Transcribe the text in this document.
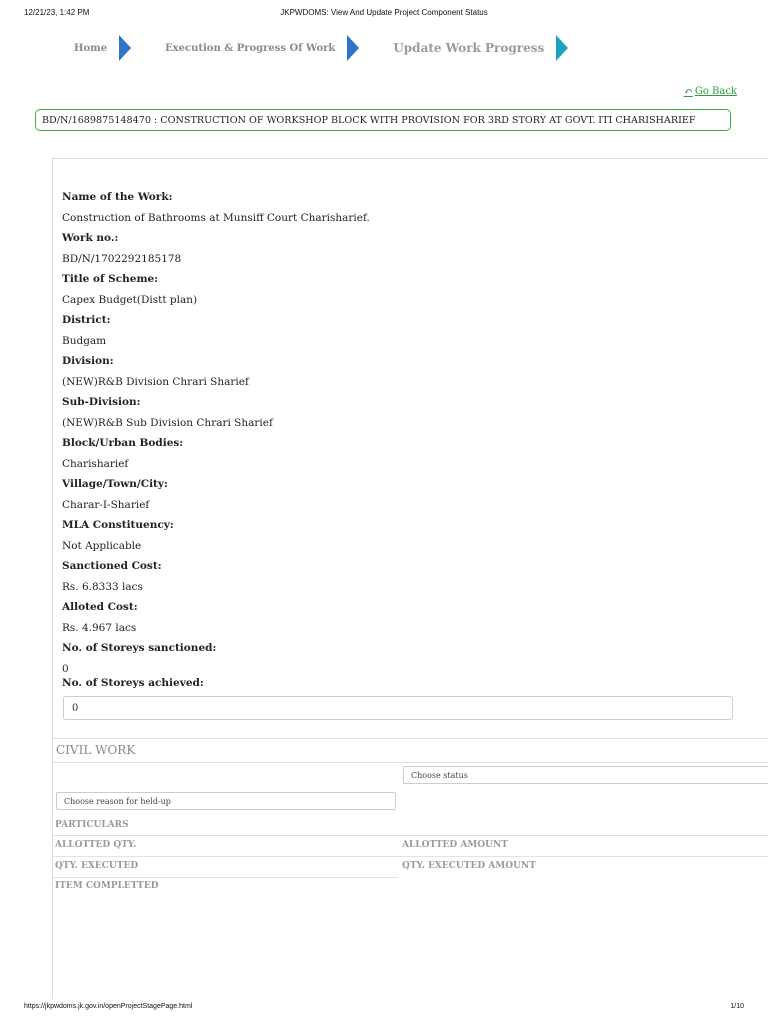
12/21/23, 1:42 PM	JKPWDOMS: View And Update Project Component Status
Home	Execution & Progress Of Work	Update Work Progress
↶ Go Back
BD/N/1689875148470 : CONSTRUCTION OF WORKSHOP BLOCK WITH PROVISION FOR 3RD STORY AT GOVT. ITI CHARISHARIEF
Name of the Work:
Construction of Bathrooms at Munsiff Court Charisharief.
Work no.:
BD/N/1702292185178
Title of Scheme:
Capex Budget(Distt plan)
District:
Budgam
Division:
(NEW)R&B Division Chrari Sharief
Sub-Division:
(NEW)R&B Sub Division Chrari Sharief
Block/Urban Bodies:
Charisharief
Village/Town/City:
Charar-I-Sharief
MLA Constituency:
Not Applicable
Sanctioned Cost:
Rs. 6.8333 lacs
Alloted Cost:
Rs. 4.967 lacs
No. of Storeys sanctioned:
0
No. of Storeys achieved:
0
CIVIL WORK
Choose status
Choose reason for held-up
PARTICULARS
ALLOTTED QTY.	ALLOTTED AMOUNT
QTY. EXECUTED	QTY. EXECUTED AMOUNT
ITEM COMPLETTED
https://jkpwdoms.jk.gov.in/openProjectStagePage.html	1/10
